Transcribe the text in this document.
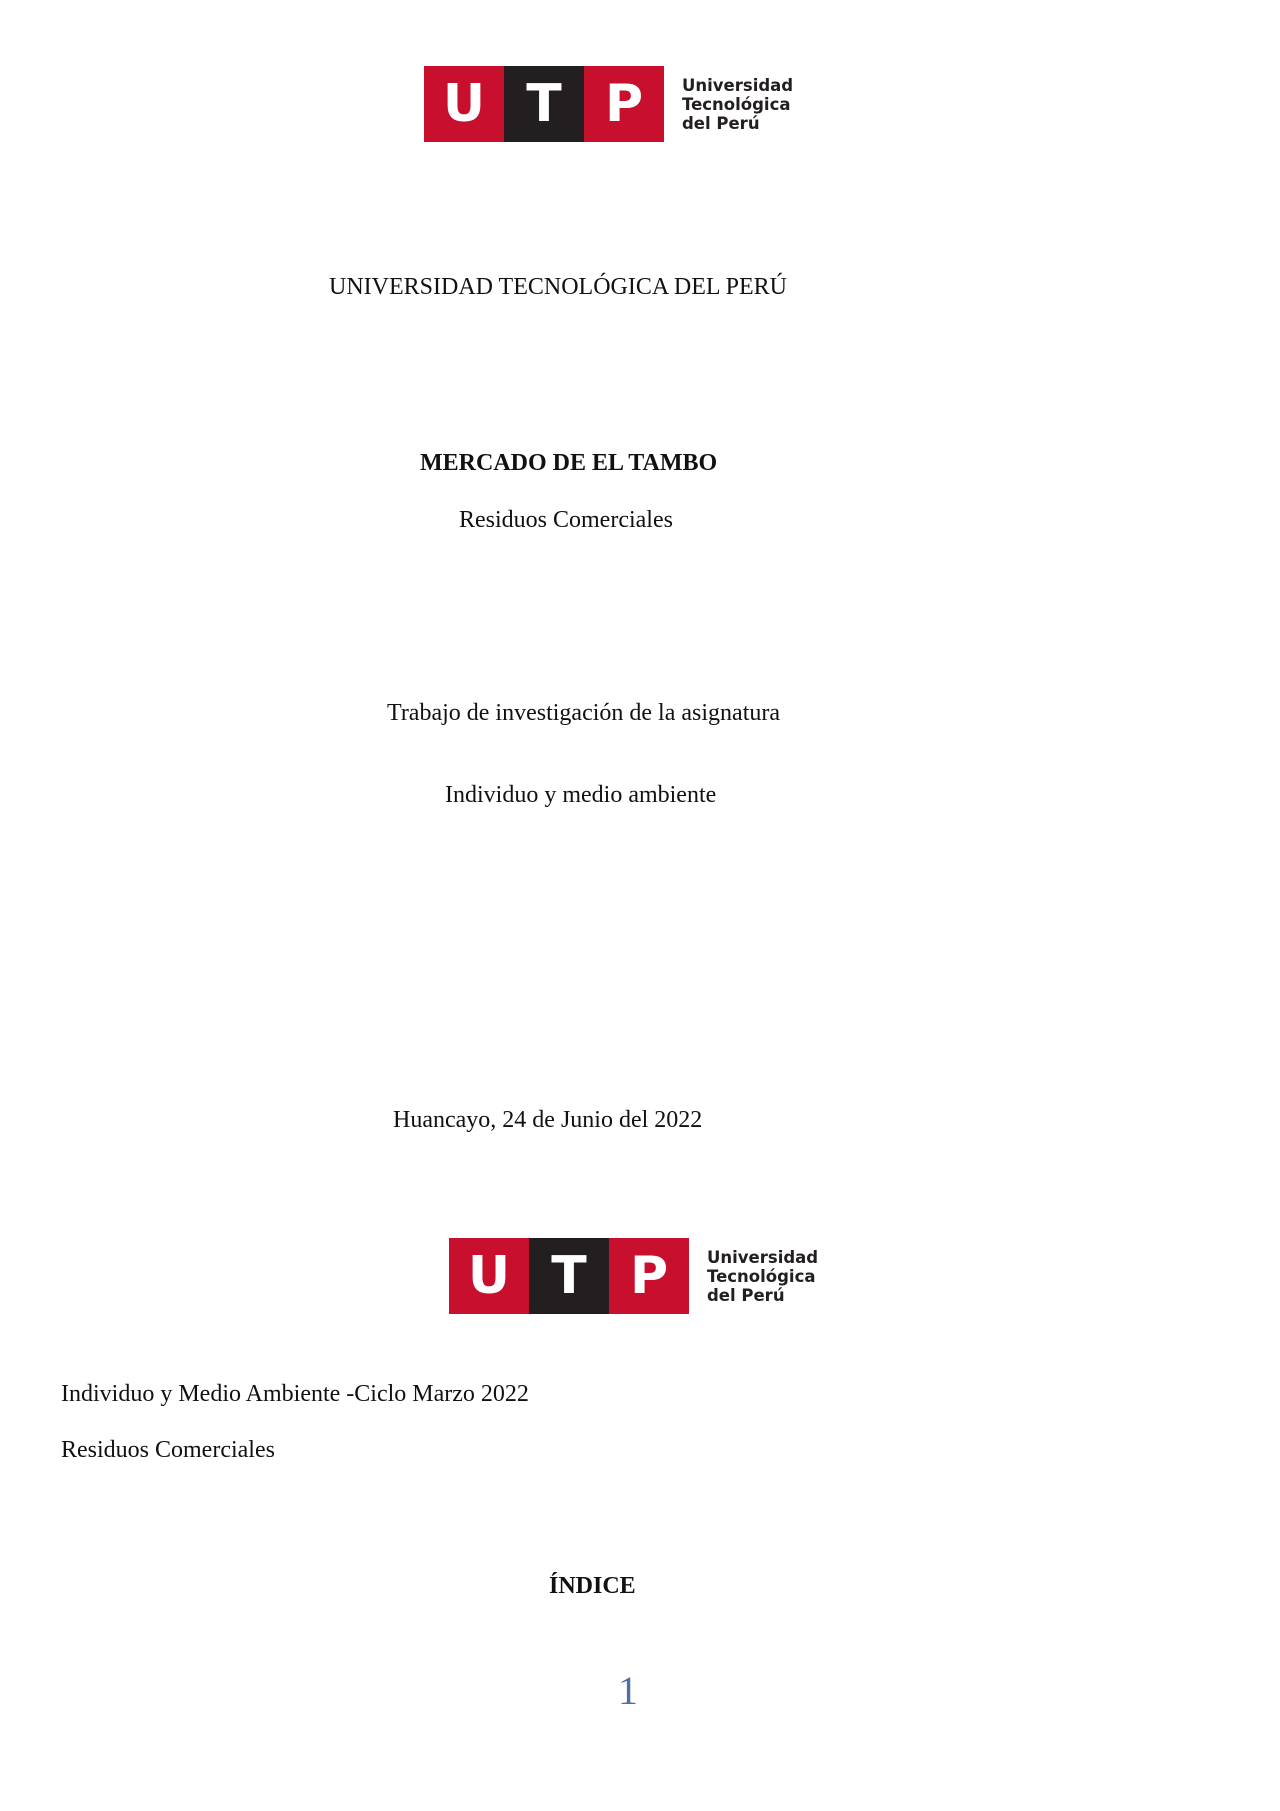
U T P	Universidad
Tecnológica
del Perú
UNIVERSIDAD TECNOLÓGICA DEL PERÚ
MERCADO DE EL TAMBO
Residuos Comerciales
Trabajo de investigación de la asignatura
Individuo y medio ambiente
Huancayo, 24 de Junio del 2022
U T P	Universidad
Tecnológica
del Perú
Individuo y Medio Ambiente -Ciclo Marzo 2022
Residuos Comerciales
ÍNDICE
1
